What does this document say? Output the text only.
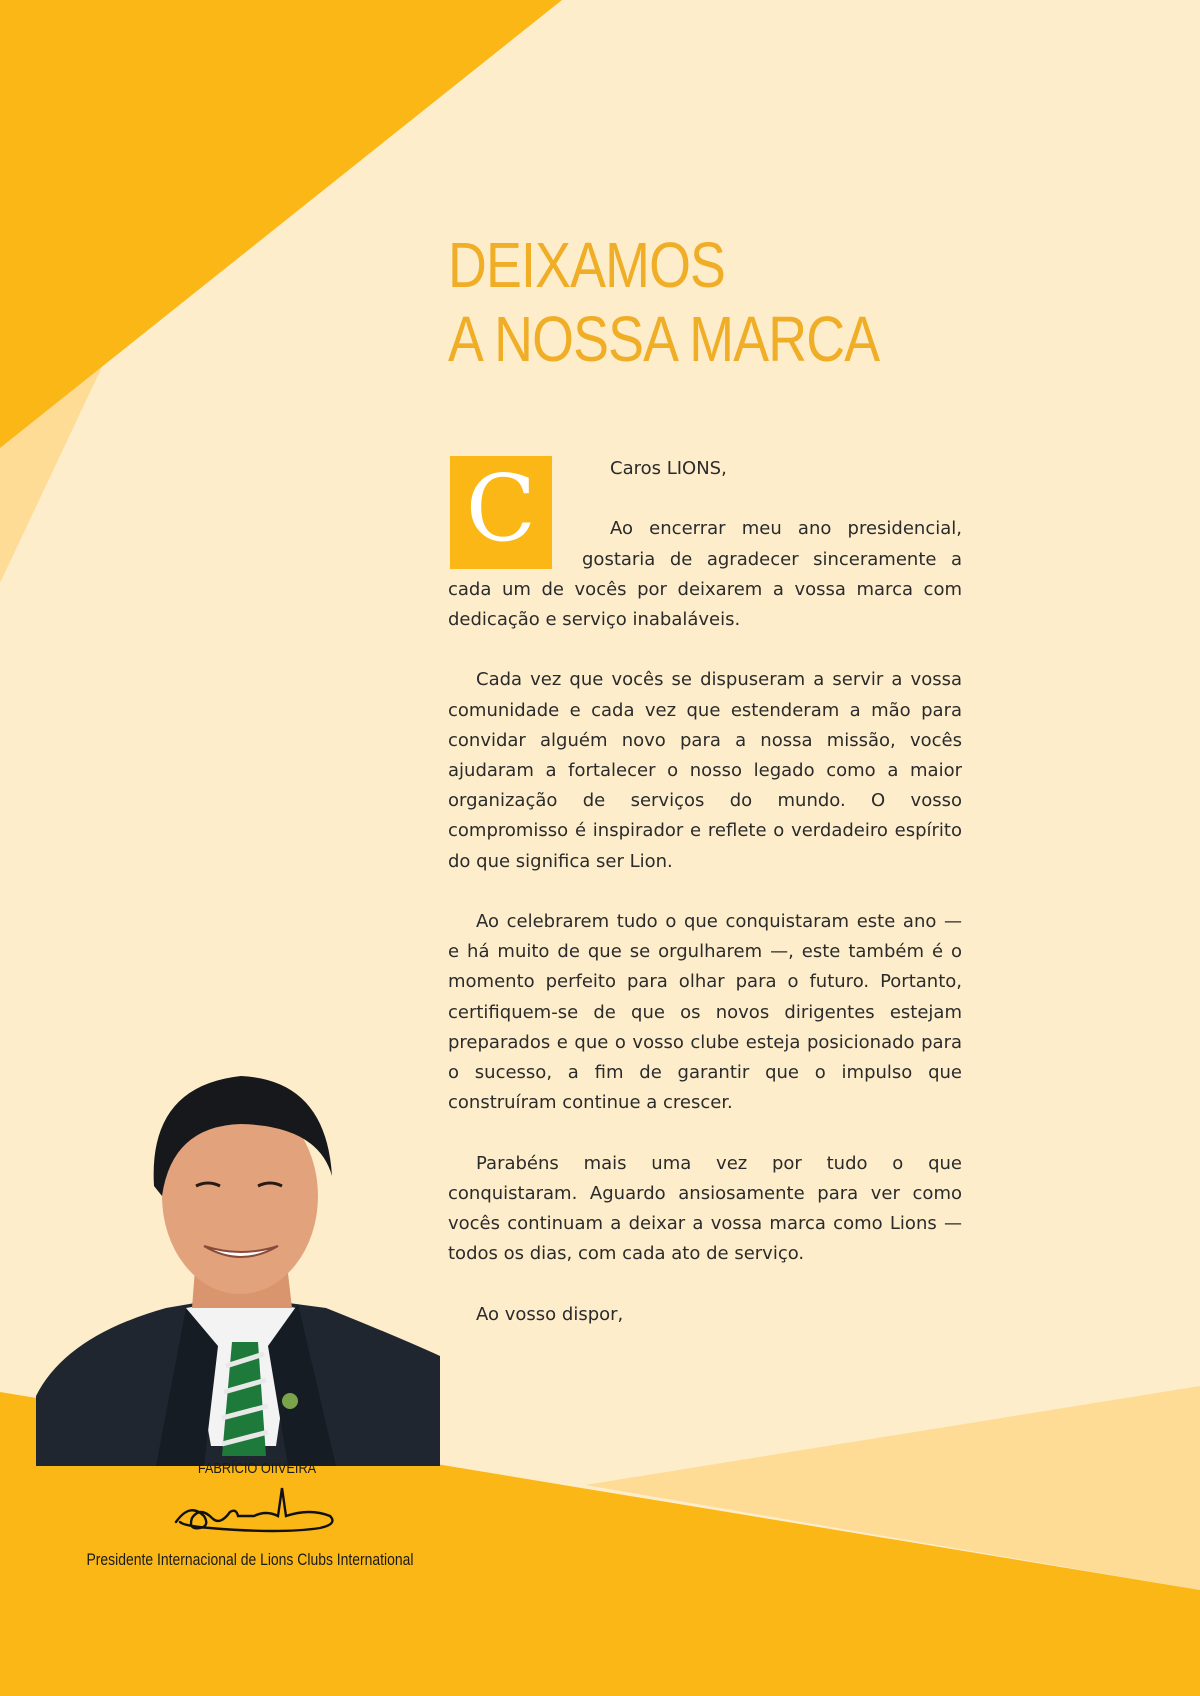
DEIXAMOS
A NOSSA MARCA
C	Caros LIONS,

Ao encerrar meu ano presidencial, gostaria de agradecer sinceramente a cada um de vocês por deixarem a vossa marca com dedicação e serviço inabaláveis.

Cada vez que vocês se dispuseram a servir a vossa comunidade e cada vez que estenderam a mão para convidar alguém novo para a nossa missão, vocês ajudaram a fortalecer o nosso legado como a maior organização de serviços do mundo. O vosso compromisso é inspirador e reflete o verdadeiro espírito do que significa ser Lion.

Ao celebrarem tudo o que conquistaram este ano — e há muito de que se orgulharem —, este também é o momento perfeito para olhar para o futuro. Portanto, certifiquem-se de que os novos dirigentes estejam preparados e que o vosso clube esteja posicionado para o sucesso, a fim de garantir que o impulso que construíram continue a crescer.

Parabéns mais uma vez por tudo o que conquistaram. Aguardo ansiosamente para ver como vocês continuam a deixar a vossa marca como Lions — todos os dias, com cada ato de serviço.

Ao vosso dispor,

FABRÍCIO OIIVEIRA
Presidente Internacional de Lions Clubs International
